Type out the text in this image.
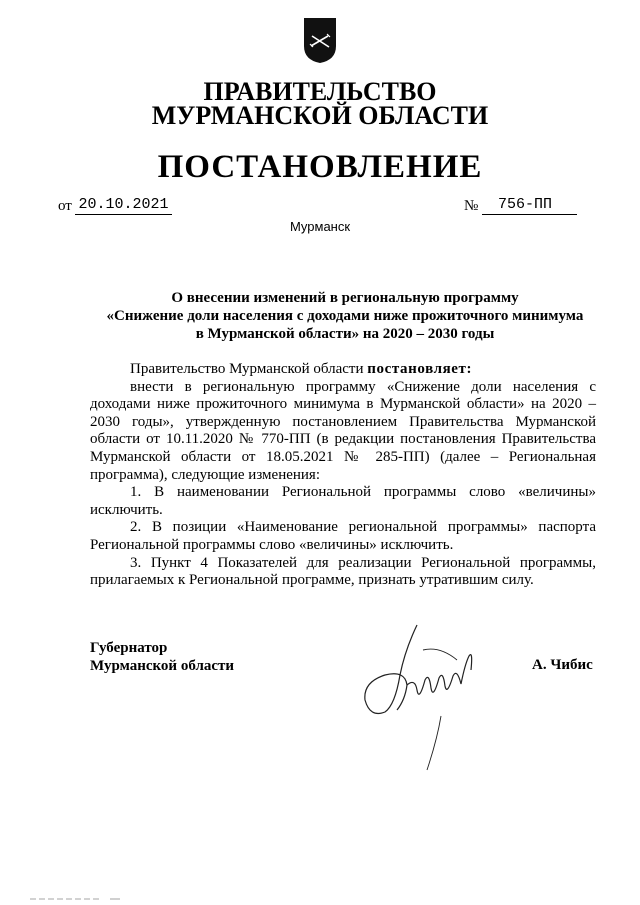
ПРАВИТЕЛЬСТВО
МУРМАНСКОЙ ОБЛАСТИ
ПОСТАНОВЛЕНИЕ
от 20.10.2021	№	756-ПП
Мурманск
О внесении изменений в региональную программу
«Снижение доли населения с доходами ниже прожиточного минимума
в Мурманской области» на 2020 – 2030 годы

Правительство Мурманской области постановляет:

внести в региональную программу «Снижение доли населения с доходами ниже прожиточного минимума в Мурманской области» на 2020 – 2030 годы», утвержденную постановлением Правительства Мурманской области от 10.11.2020 № 770-ПП (в редакции постановления Правительства Мурманской области от 18.05.2021 № 285-ПП) (далее – Региональная программа), следующие изменения:

1. В наименовании Региональной программы слово «величины» исключить.

2. В позиции «Наименование региональной программы» паспорта Региональной программы слово «величины» исключить.

3. Пункт 4 Показателей для реализации Региональной программы, прилагаемых к Региональной программе, признать утратившим силу.

Губернатор
Мурманской области	А. Чибис
